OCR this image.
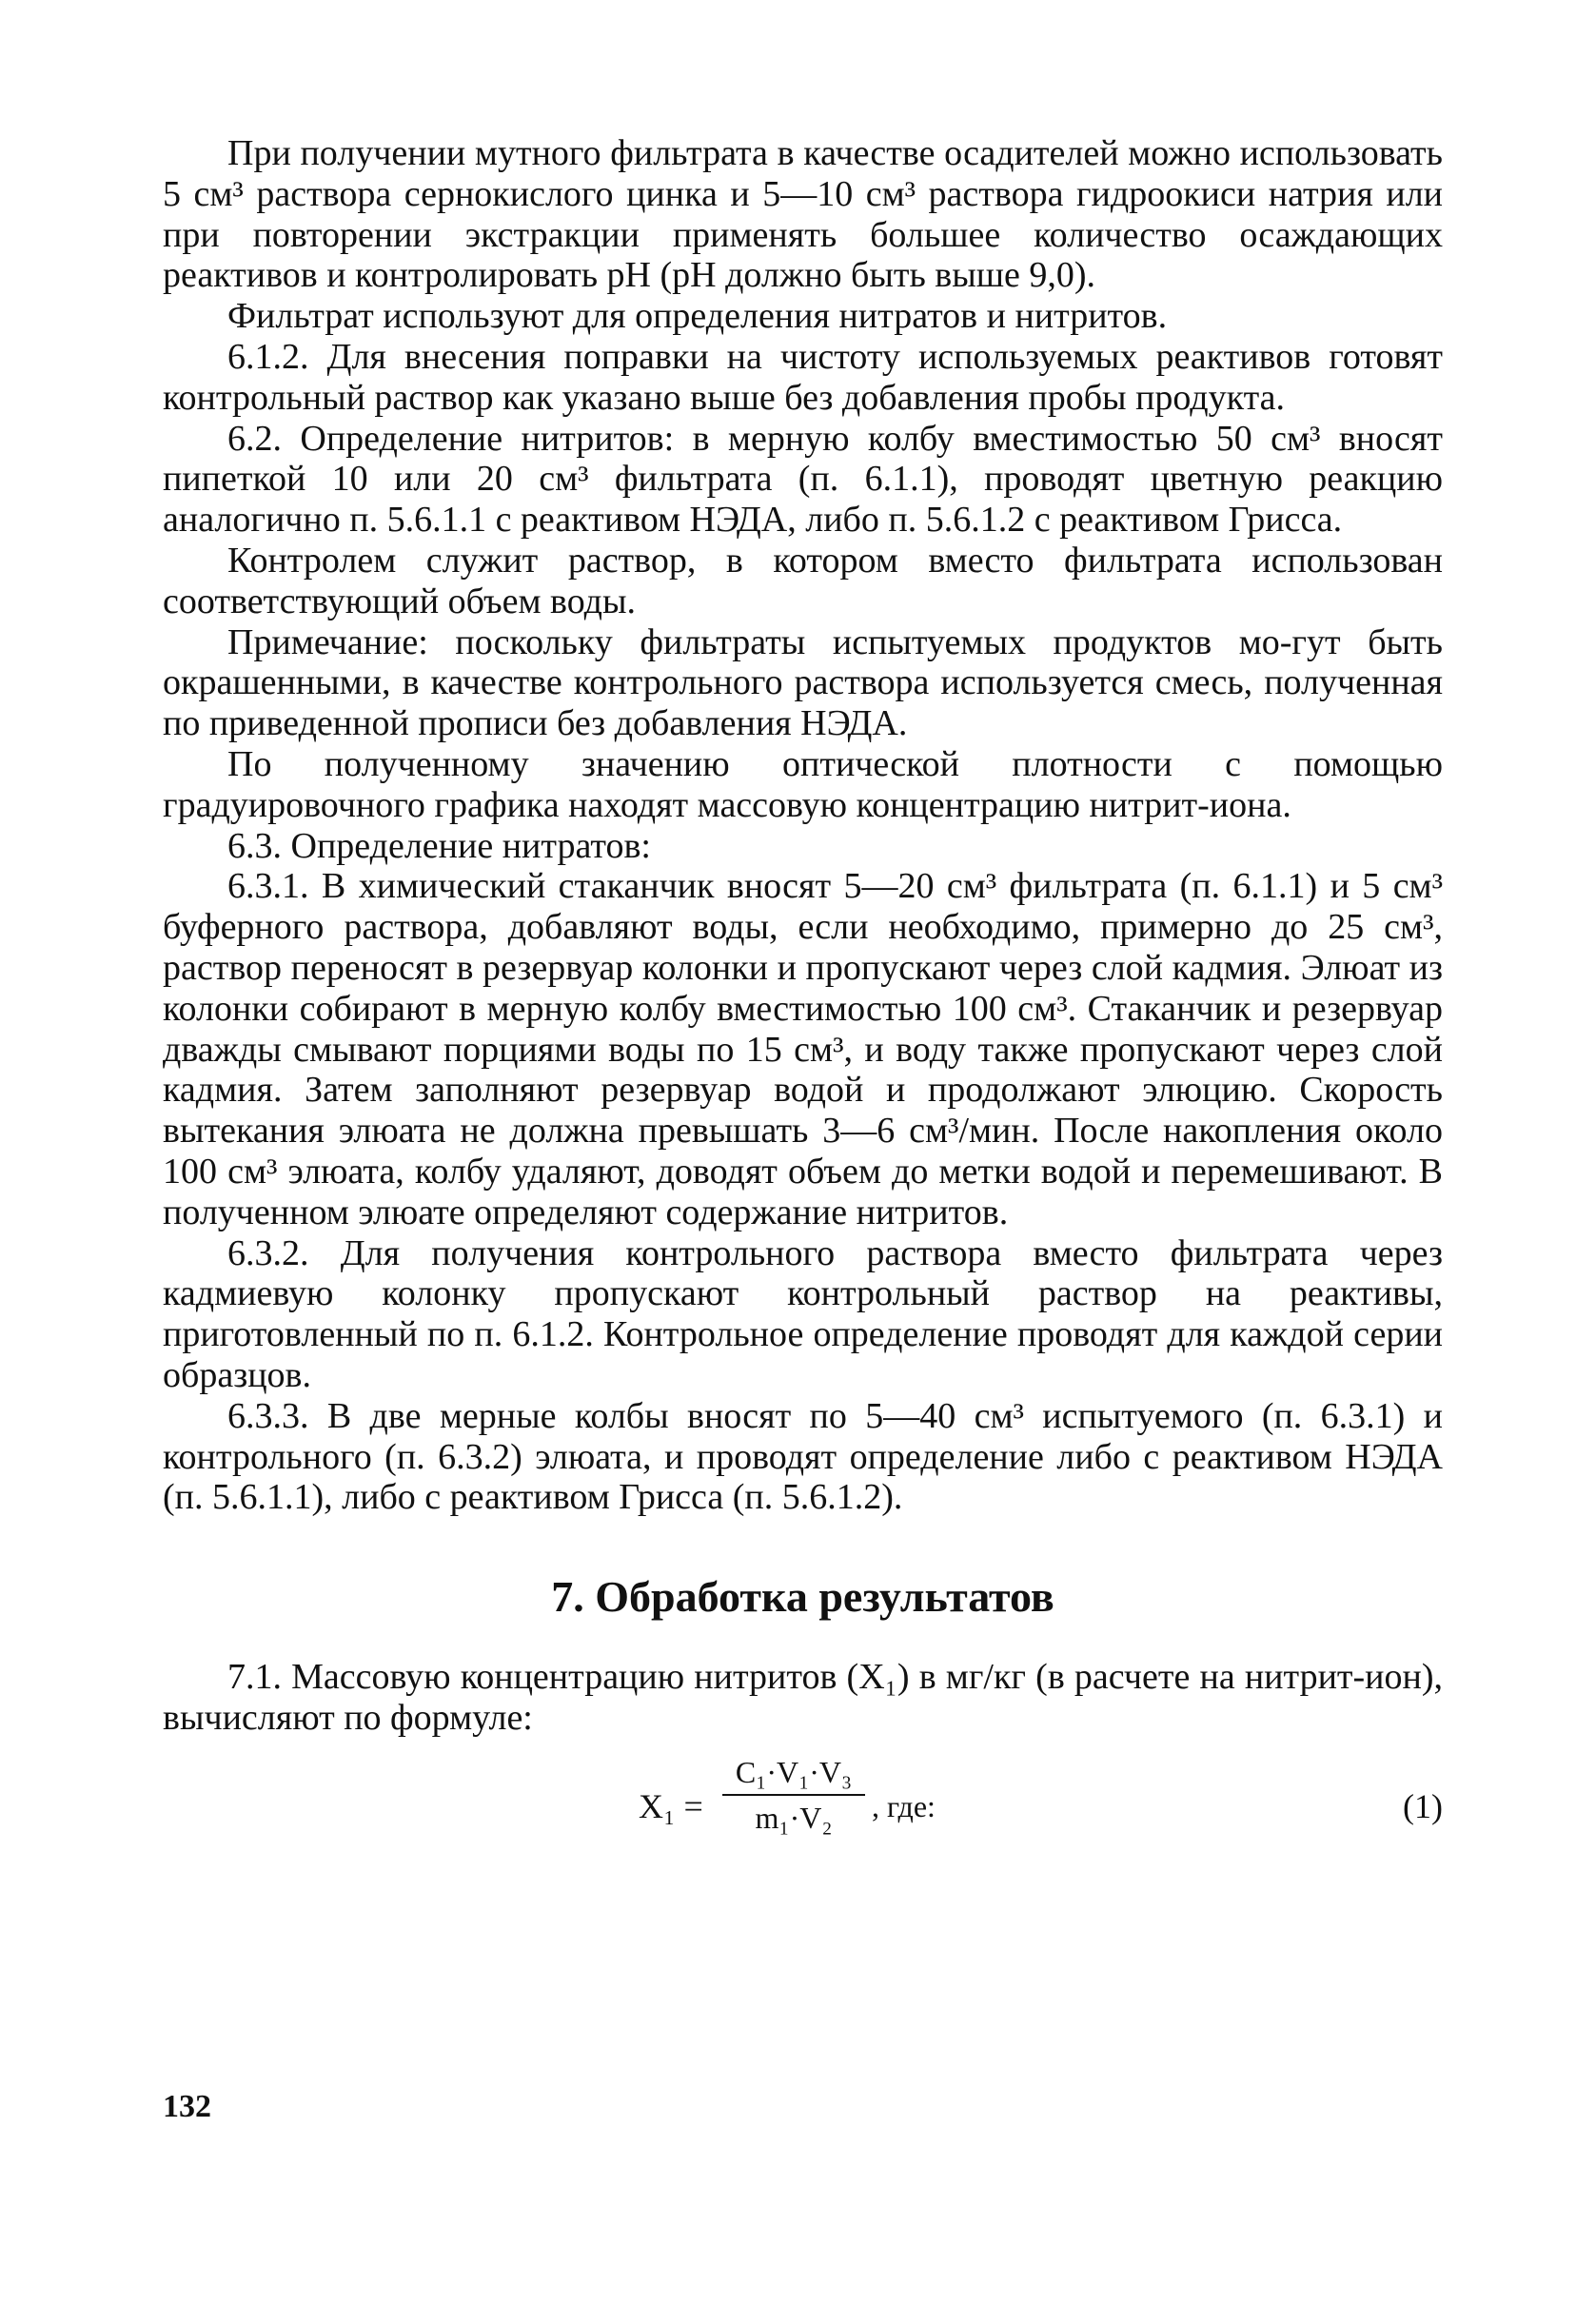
При получении мутного фильтрата в качестве осадителей можно использовать 5 см³ раствора сернокислого цинка и 5—10 см³ раствора гидроокиси натрия или при повторении экстракции применять большее количество осаждающих реактивов и контролировать рН (рН должно быть выше 9,0).

Фильтрат используют для определения нитратов и нитритов.

6.1.2. Для внесения поправки на чистоту используемых реактивов готовят контрольный раствор как указано выше без добавления пробы продукта.

6.2. Определение нитритов: в мерную колбу вместимостью 50 см³ вносят пипеткой 10 или 20 см³ фильтрата (п. 6.1.1), проводят цветную реакцию аналогично п. 5.6.1.1 с реактивом НЭДА, либо п. 5.6.1.2 с реактивом Грисса.

Контролем служит раствор, в котором вместо фильтрата использован соответствующий объем воды.

Примечание: поскольку фильтраты испытуемых продуктов мо-гут быть окрашенными, в качестве контрольного раствора используется смесь, полученная по приведенной прописи без добавления НЭДА.

По полученному значению оптической плотности с помощью градуировочного графика находят массовую концентрацию нитрит-иона.

6.3. Определение нитратов:

6.3.1. В химический стаканчик вносят 5—20 см³ фильтрата (п. 6.1.1) и 5 см³ буферного раствора, добавляют воды, если необходимо, примерно до 25 см³, раствор переносят в резервуар колонки и пропускают через слой кадмия. Элюат из колонки собирают в мерную колбу вместимостью 100 см³. Стаканчик и резервуар дважды смывают порциями воды по 15 см³, и воду также пропускают через слой кадмия. Затем заполняют резервуар водой и продолжают элюцию. Скорость вытекания элюата не должна превышать 3—6 см³/мин. После накопления около 100 см³ элюата, колбу удаляют, доводят объем до метки водой и перемешивают. В полученном элюате определяют содержание нитритов.

6.3.2. Для получения контрольного раствора вместо фильтрата через кадмиевую колонку пропускают контрольный раствор на реактивы, приготовленный по п. 6.1.2. Контрольное определение проводят для каждой серии образцов.

6.3.3. В две мерные колбы вносят по 5—40 см³ испытуемого (п. 6.3.1) и контрольного (п. 6.3.2) элюата, и проводят определение либо с реактивом НЭДА (п. 5.6.1.1), либо с реактивом Грисса (п. 5.6.1.2).

7. Обработка результатов

7.1. Массовую концентрацию нитритов (X₁) в мг/кг (в расчете на нитрит-ион), вычисляют по формуле:

$X_1 = \frac{\text{C₁·V₁·V₃}}{\text{m₁·V₂}}$ , где:	(1)
132
